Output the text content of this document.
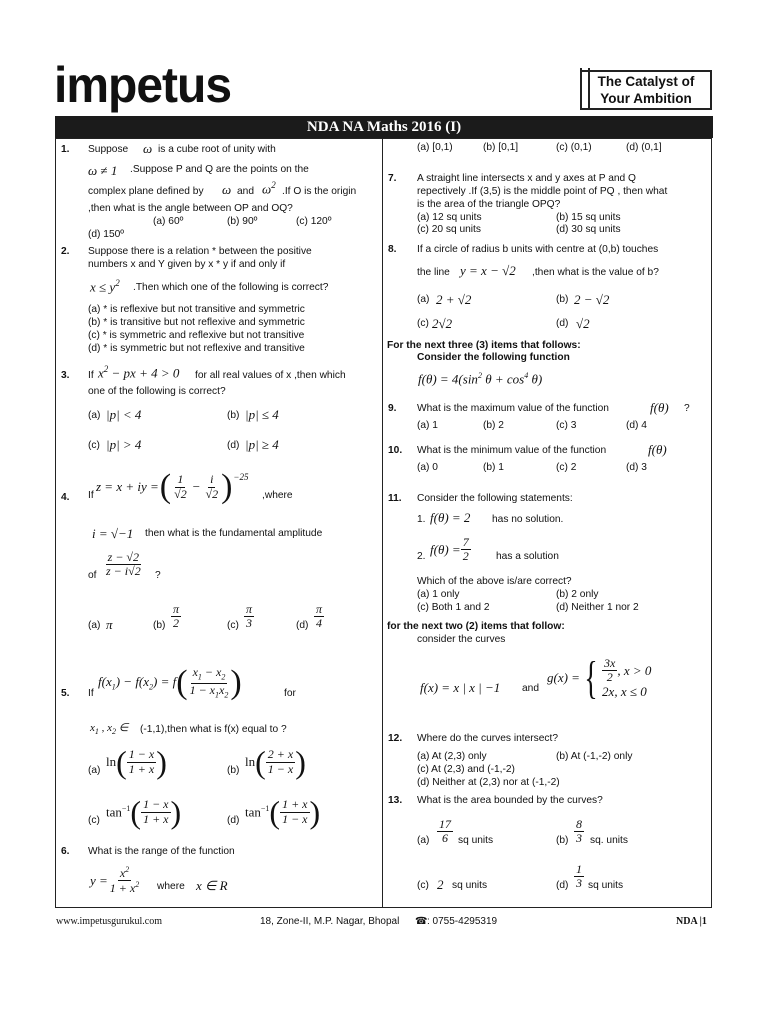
impetus	The Catalyst of
Your Ambition
NDA NA Maths 2016 (I)
1. Suppose ω is a cube root of unity with
ω ≠ 1 .Suppose P and Q are the points on the
complex plane defined by ω and $\omega^2$
.If O is the origin
,then what is the angle between OP and OQ?
(a) 60º	(b) 90º	(c) 120º
(d) 150º
2. Suppose there is a relation * between the positive
numbers x and Y given by x * y if and only if
$x \le y^2$ .Then which one of the following is correct?
(a) * is reflexive but not transitive and symmetric
(b) * is transitive but not reflexive and symmetric
(c) * is symmetric and reflexive but not transitive
(d) * is symmetric but not reflexive and transitive
3. If $x^2$ − px + 4 > 0 for all real values of x ,then which
one of the following is correct?
(a) |p| < 4	(b) |p| ≤ 4
(c) |p| > 4	(d) |p| ≥ 4
4. If
z = x + iy = ( $\frac{1}{√2} - \frac{i}{√2}$ ) −25
,where
i = √−1 then what is the fundamental amplitude
of $\frac{z - √2}{z - i√2}$ ?
(a) π	$(b) \frac{\pi}{2}$	$(c) \frac{\pi}{3}$	$(d) \frac{\pi}{4}$
5. If
$f(x_1) - f(x_2) = f$ ( $\frac{x_1 - x_2}{1 - x_1x_2}$ )	for
$x_1$ , $x_2$ ∈ (-1,1),then what is f(x) equal to ?
(a)
ln ( $\frac{1 - x}{1 + x}$ )	(b)
ln ( $\frac{2 + x}{1 - x}$ )
(c)
$\tan^{-1}$ ( $\frac{1 - x}{1 + x}$ )	(d)
$\tan^{-1}$ ( $\frac{1 + x}{1 - x}$ )
6. What is the range of the function
$y = \frac{x^2}{1 + x^2}$ where x ∈ R
(a) [0,1)	(b) [0,1]	(c) (0,1)	(d) (0,1]
7. A straight line intersects x and y axes at P and Q
repectively .If (3,5) is the middle point of PQ , then what
is the area of the triangle OPQ?
(a) 12 sq units	(b) 15 sq units
(c) 20 sq units	(d) 30 sq units
8. If a circle of radius b units with centre at (0,b) touches
the line y = x − √2 ,then what is the value of b?
(a) 2 + √2	(b) 2 − √2
(c) 2√2	(d) √2
For the next three (3) items that follows:
Consider the following function
$f(\theta) = 4(\sin^2$ $\theta + \cos^4 \theta$)
9. What is the maximum value of the function	f(θ) ?
(a) 1	(b) 2	(c) 3	(d) 4
10. What is the minimum value of the function	f(θ)
(a) 0	(b) 1	(c) 2	(d) 3
11. Consider the following statements:
1. f(θ) = 2 has no solution.
2. $f(\theta) = \frac{7}{2}$ has a solution
Which of the above is/are correct?
(a) 1 only	(b) 2 only
(c) Both 1 and 2	(d) Neither 1 nor 2
for the next two (2) items that follow:
consider the curves
f(x) = x | x | −1 and
g(x) = { $\frac{3x}{2}$ , x > 0
2x, x ≤ 0
12. Where do the curves intersect?
(a) At (2,3) only	(b) At (-1,-2) only
(c) At (2,3) and (-1,-2)
(d) Neither at (2,3) nor at (-1,-2)
13. What is the area bounded by the curves?
$(a) \frac{17}{6}$ sq units	$(b) \frac{8}{3}$ sq. units
(c) 2 sq units	$(d) \frac{1}{3}$ sq units
www.impetusgurukul.com	18, Zone-II, M.P. Nagar, Bhopal ☎ : 0755-4295319	NDA |1
